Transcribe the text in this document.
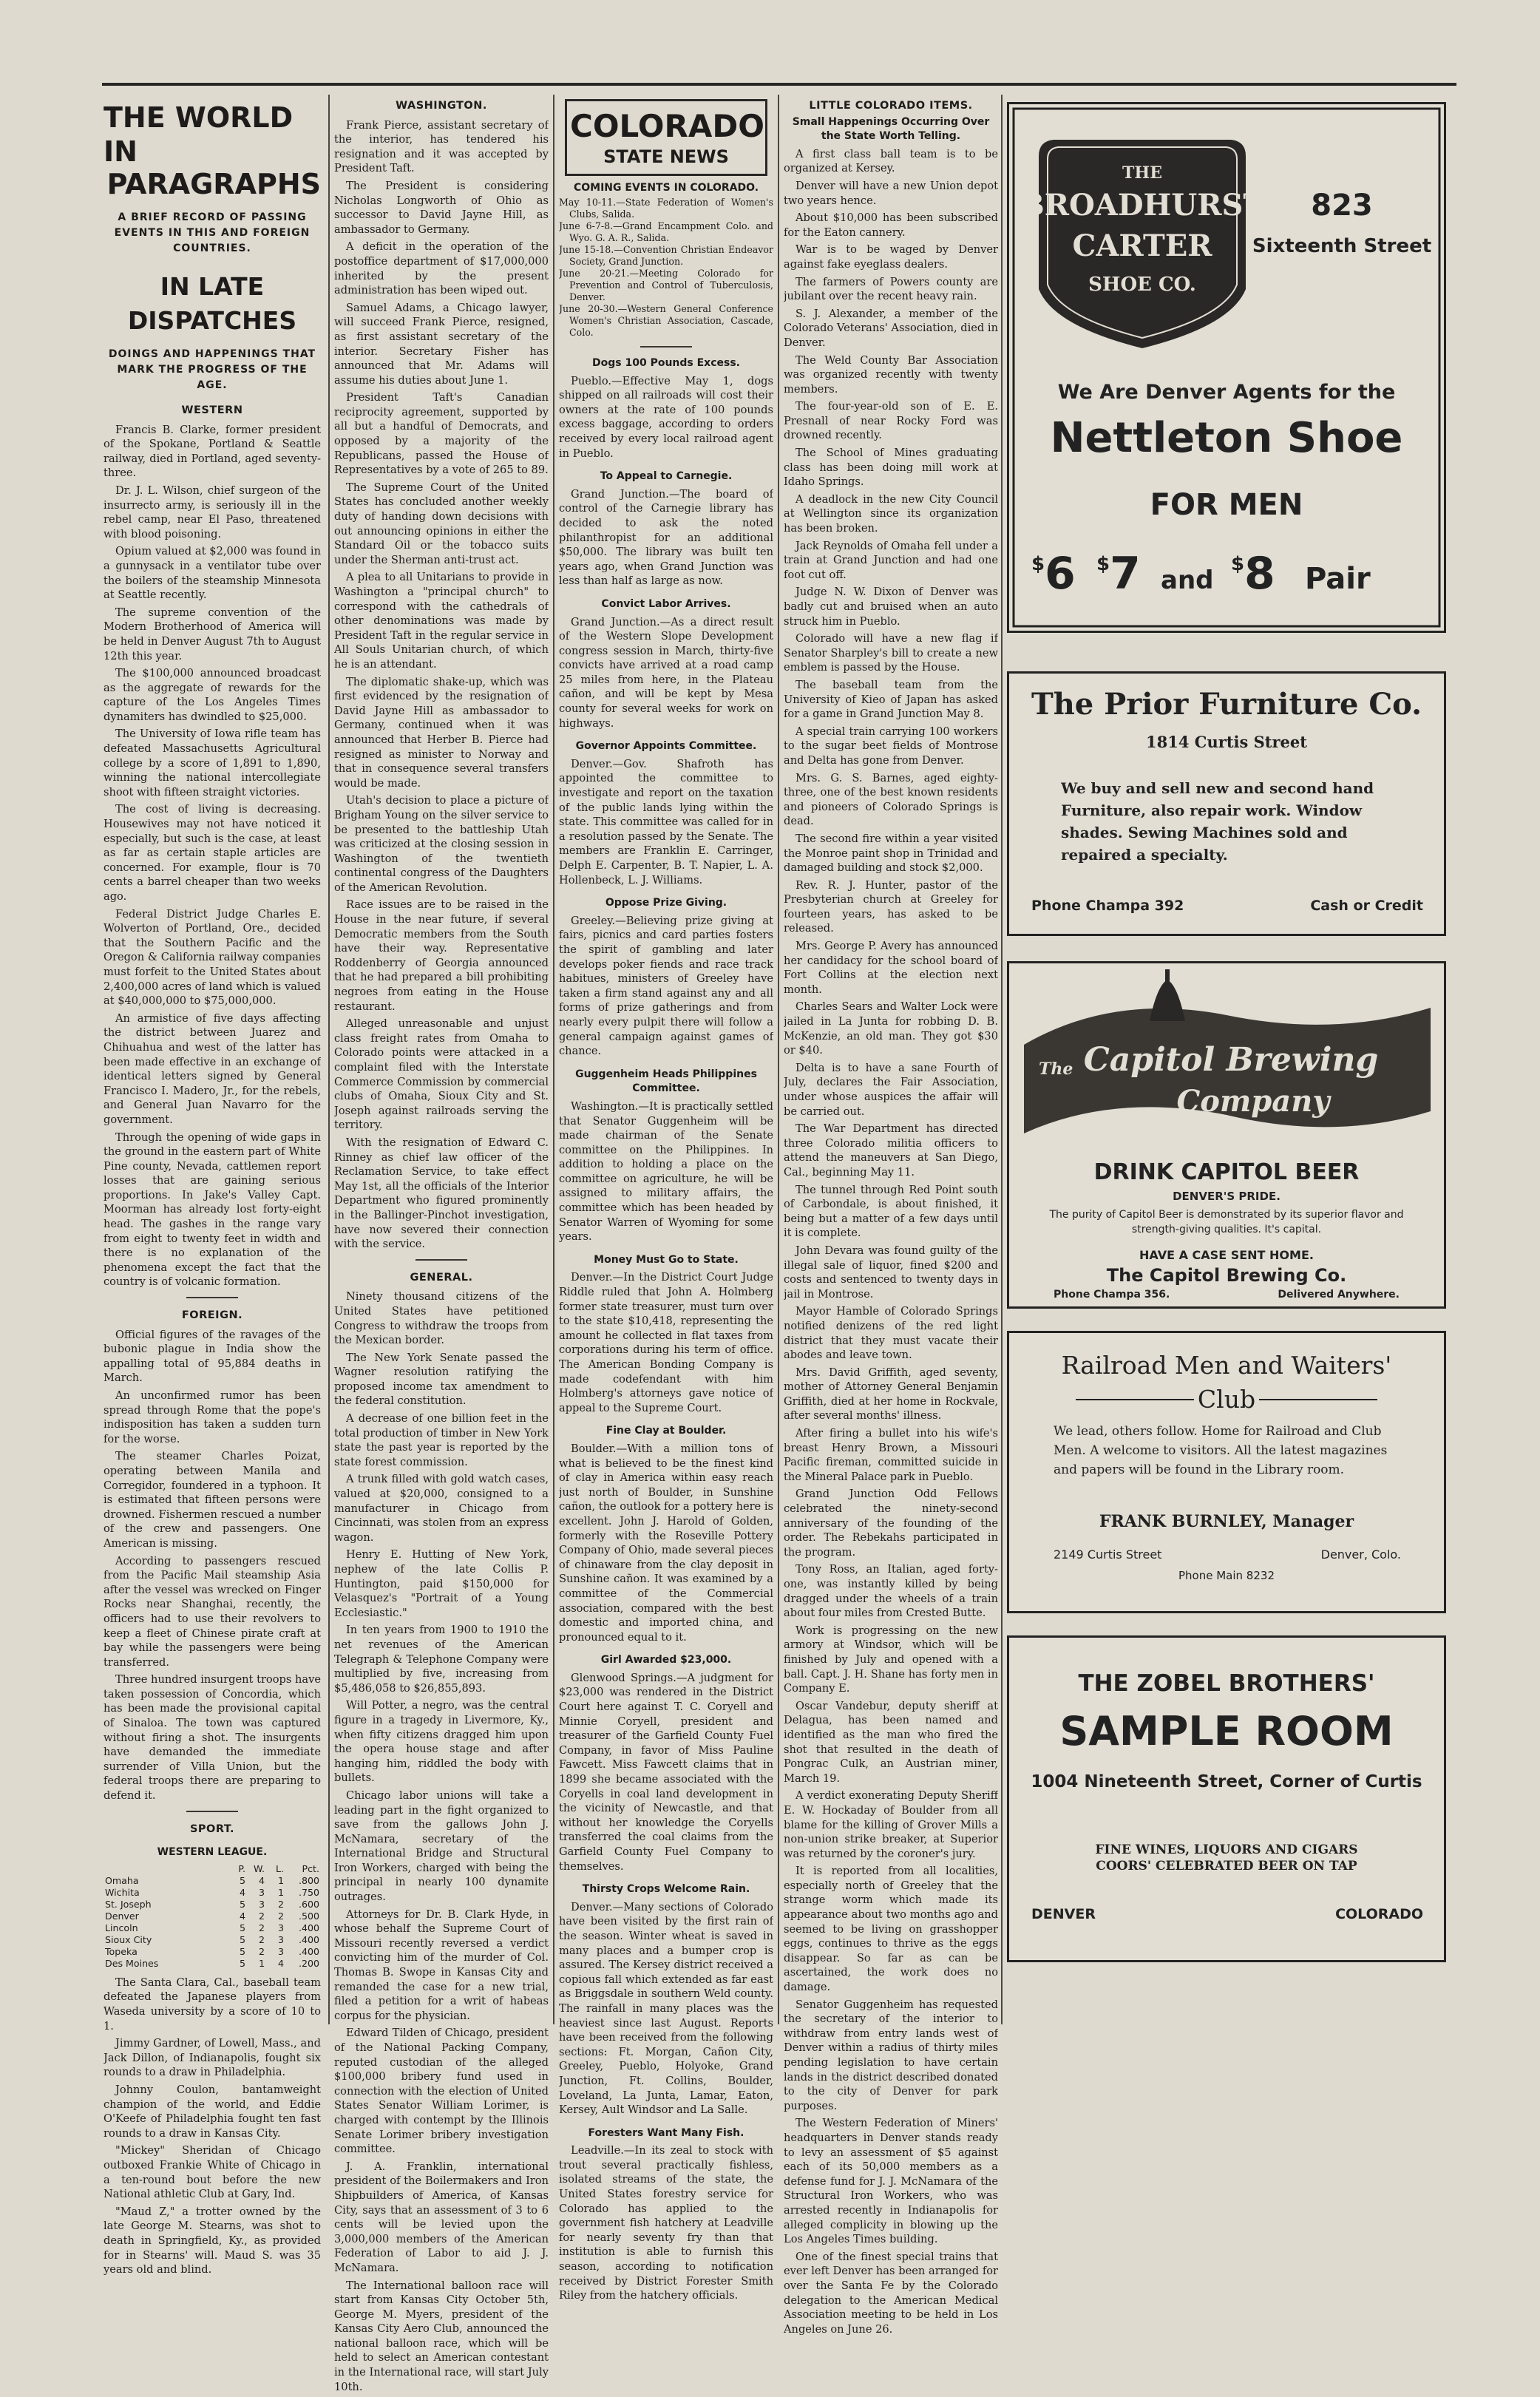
THE WORLD IN
PARAGRAPHS
A BRIEF RECORD OF PASSING EVENTS IN THIS AND FOREIGN COUNTRIES.
IN LATE DISPATCHES
DOINGS AND HAPPENINGS THAT MARK THE PROGRESS OF THE AGE.
WESTERN

Francis B. Clarke, former president of the Spokane, Portland & Seattle railway, died in Portland, aged seventy-three.

Dr. J. L. Wilson, chief surgeon of the insurrecto army, is seriously ill in the rebel camp, near El Paso, threatened with blood poisoning.

Opium valued at $2,000 was found in a gunnysack in a ventilator tube over the boilers of the steamship Minnesota at Seattle recently.

The supreme convention of the Modern Brotherhood of America will be held in Denver August 7th to August 12th this year.

The $100,000 announced broadcast as the aggregate of rewards for the capture of the Los Angeles Times dynamiters has dwindled to $25,000.

The University of Iowa rifle team has defeated Massachusetts Agricultural college by a score of 1,891 to 1,890, winning the national intercollegiate shoot with fifteen straight victories.

The cost of living is decreasing. Housewives may not have noticed it especially, but such is the case, at least as far as certain staple articles are concerned. For example, flour is 70 cents a barrel cheaper than two weeks ago.

Federal District Judge Charles E. Wolverton of Portland, Ore., decided that the Southern Pacific and the Oregon & California railway companies must forfeit to the United States about 2,400,000 acres of land which is valued at $40,000,000 to $75,000,000.

An armistice of five days affecting the district between Juarez and Chihuahua and west of the latter has been made effective in an exchange of identical letters signed by General Francisco I. Madero, Jr., for the rebels, and General Juan Navarro for the government.

Through the opening of wide gaps in the ground in the eastern part of White Pine county, Nevada, cattlemen report losses that are gaining serious proportions. In Jake's Valley Capt. Moorman has already lost forty-eight head. The gashes in the range vary from eight to twenty feet in width and there is no explanation of the phenomena except the fact that the country is of volcanic formation.

FOREIGN.

Official figures of the ravages of the bubonic plague in India show the appalling total of 95,884 deaths in March.

An unconfirmed rumor has been spread through Rome that the pope's indisposition has taken a sudden turn for the worse.

The steamer Charles Poizat, operating between Manila and Corregidor, foundered in a typhoon. It is estimated that fifteen persons were drowned. Fishermen rescued a number of the crew and passengers. One American is missing.

According to passengers rescued from the Pacific Mail steamship Asia after the vessel was wrecked on Finger Rocks near Shanghai, recently, the officers had to use their revolvers to keep a fleet of Chinese pirate craft at bay while the passengers were being transferred.

Three hundred insurgent troops have taken possession of Concordia, which has been made the provisional capital of Sinaloa. The town was captured without firing a shot. The insurgents have demanded the immediate surrender of Villa Union, but the federal troops there are preparing to defend it.

SPORT.
WESTERN LEAGUE.
	P.	W.	L.	Pct.
Omaha	5	4	1	.800
Wichita	4	3	1	.750
St. Joseph	5	3	2	.600
Denver	4	2	2	.500
Lincoln	5	2	3	.400
Sioux City	5	2	3	.400
Topeka	5	2	3	.400
Des Moines	5	1	4	.200

The Santa Clara, Cal., baseball team defeated the Japanese players from Waseda university by a score of 10 to 1.

Jimmy Gardner, of Lowell, Mass., and Jack Dillon, of Indianapolis, fought six rounds to a draw in Philadelphia.

Johnny Coulon, bantamweight champion of the world, and Eddie O'Keefe of Philadelphia fought ten fast rounds to a draw in Kansas City.

"Mickey" Sheridan of Chicago outboxed Frankie White of Chicago in a ten-round bout before the new National athletic Club at Gary, Ind.

"Maud Z," a trotter owned by the late George M. Stearns, was shot to death in Springfield, Ky., as provided for in Stearns' will. Maud S. was 35 years old and blind.

WASHINGTON.

Frank Pierce, assistant secretary of the interior, has tendered his resignation and it was accepted by President Taft.

The President is considering Nicholas Longworth of Ohio as successor to David Jayne Hill, as ambassador to Germany.

A deficit in the operation of the postoffice department of $17,000,000 inherited by the present administration has been wiped out.

Samuel Adams, a Chicago lawyer, will succeed Frank Pierce, resigned, as first assistant secretary of the interior. Secretary Fisher has announced that Mr. Adams will assume his duties about June 1.

President Taft's Canadian reciprocity agreement, supported by all but a handful of Democrats, and opposed by a majority of the Republicans, passed the House of Representatives by a vote of 265 to 89.

The Supreme Court of the United States has concluded another weekly duty of handing down decisions with out announcing opinions in either the Standard Oil or the tobacco suits under the Sherman anti-trust act.

A plea to all Unitarians to provide in Washington a "principal church" to correspond with the cathedrals of other denominations was made by President Taft in the regular service in All Souls Unitarian church, of which he is an attendant.

The diplomatic shake-up, which was first evidenced by the resignation of David Jayne Hill as ambassador to Germany, continued when it was announced that Herber B. Pierce had resigned as minister to Norway and that in consequence several transfers would be made.

Utah's decision to place a picture of Brigham Young on the silver service to be presented to the battleship Utah was criticized at the closing session in Washington of the twentieth continental congress of the Daughters of the American Revolution.

Race issues are to be raised in the House in the near future, if several Democratic members from the South have their way. Representative Roddenberry of Georgia announced that he had prepared a bill prohibiting negroes from eating in the House restaurant.

Alleged unreasonable and unjust class freight rates from Omaha to Colorado points were attacked in a complaint filed with the Interstate Commerce Commission by commercial clubs of Omaha, Sioux City and St. Joseph against railroads serving the territory.

With the resignation of Edward C. Rinney as chief law officer of the Reclamation Service, to take effect May 1st, all the officials of the Interior Department who figured prominently in the Ballinger-Pinchot investigation, have now severed their connection with the service.

GENERAL.

Ninety thousand citizens of the United States have petitioned Congress to withdraw the troops from the Mexican border.

The New York Senate passed the Wagner resolution ratifying the proposed income tax amendment to the federal constitution.

A decrease of one billion feet in the total production of timber in New York state the past year is reported by the state forest commission.

A trunk filled with gold watch cases, valued at $20,000, consigned to a manufacturer in Chicago from Cincinnati, was stolen from an express wagon.

Henry E. Hutting of New York, nephew of the late Collis P. Huntington, paid $150,000 for Velasquez's "Portrait of a Young Ecclesiastic."

In ten years from 1900 to 1910 the net revenues of the American Telegraph & Telephone Company were multiplied by five, increasing from $5,486,058 to $26,855,893.

Will Potter, a negro, was the central figure in a tragedy in Livermore, Ky., when fifty citizens dragged him upon the opera house stage and after hanging him, riddled the body with bullets.

Chicago labor unions will take a leading part in the fight organized to save from the gallows John J. McNamara, secretary of the International Bridge and Structural Iron Workers, charged with being the principal in nearly 100 dynamite outrages.

Attorneys for Dr. B. Clark Hyde, in whose behalf the Supreme Court of Missouri recently reversed a verdict convicting him of the murder of Col. Thomas B. Swope in Kansas City and remanded the case for a new trial, filed a petition for a writ of habeas corpus for the physician.

Edward Tilden of Chicago, president of the National Packing Company, reputed custodian of the alleged $100,000 bribery fund used in connection with the election of United States Senator William Lorimer, is charged with contempt by the Illinois Senate Lorimer bribery investigation committee.

J. A. Franklin, international president of the Boilermakers and Iron Shipbuilders of America, of Kansas City, says that an assessment of 3 to 6 cents will be levied upon the 3,000,000 members of the American Federation of Labor to aid J. J. McNamara.

The International balloon race will start from Kansas City October 5th, George M. Myers, president of the Kansas City Aero Club, announced the national balloon race, which will be held to select an American contestant in the International race, will start July 10th.

COLORADO
STATE NEWS
COMING EVENTS IN COLORADO.

May 10-11.—State Federation of Women's Clubs, Salida.

June 6-7-8.—Grand Encampment Colo. and Wyo. G. A. R., Salida.

June 15-18.—Convention Christian Endeavor Society, Grand Junction.

June 20-21.—Meeting Colorado for Prevention and Control of Tuberculosis, Denver.

June 20-30.—Western General Conference Women's Christian Association, Cascade, Colo.

Dogs 100 Pounds Excess.

Pueblo.—Effective May 1, dogs shipped on all railroads will cost their owners at the rate of 100 pounds excess baggage, according to orders received by every local railroad agent in Pueblo.

To Appeal to Carnegie.

Grand Junction.—The board of control of the Carnegie library has decided to ask the noted philanthropist for an additional $50,000. The library was built ten years ago, when Grand Junction was less than half as large as now.

Convict Labor Arrives.

Grand Junction.—As a direct result of the Western Slope Development congress session in March, thirty-five convicts have arrived at a road camp 25 miles from here, in the Plateau cañon, and will be kept by Mesa county for several weeks for work on highways.

Governor Appoints Committee.

Denver.—Gov. Shafroth has appointed the committee to investigate and report on the taxation of the public lands lying within the state. This committee was called for in a resolution passed by the Senate. The members are Franklin E. Carringer, Delph E. Carpenter, B. T. Napier, L. A. Hollenbeck, L. J. Williams.

Oppose Prize Giving.

Greeley.—Believing prize giving at fairs, picnics and card parties fosters the spirit of gambling and later develops poker fiends and race track habitues, ministers of Greeley have taken a firm stand against any and all forms of prize gatherings and from nearly every pulpit there will follow a general campaign against games of chance.

Guggenheim Heads Philippines Committee.

Washington.—It is practically settled that Senator Guggenheim will be made chairman of the Senate committee on the Philippines. In addition to holding a place on the committee on agriculture, he will be assigned to military affairs, the committee which has been headed by Senator Warren of Wyoming for some years.

Money Must Go to State.

Denver.—In the District Court Judge Riddle ruled that John A. Holmberg former state treasurer, must turn over to the state $10,418, representing the amount he collected in flat taxes from corporations during his term of office. The American Bonding Company is made codefendant with him Holmberg's attorneys gave notice of appeal to the Supreme Court.

Fine Clay at Boulder.

Boulder.—With a million tons of what is believed to be the finest kind of clay in America within easy reach just north of Boulder, in Sunshine cañon, the outlook for a pottery here is excellent. John J. Harold of Golden, formerly with the Roseville Pottery Company of Ohio, made several pieces of chinaware from the clay deposit in Sunshine cañon. It was examined by a committee of the Commercial association, compared with the best domestic and imported china, and pronounced equal to it.

Girl Awarded $23,000.

Glenwood Springs.—A judgment for $23,000 was rendered in the District Court here against T. C. Coryell and Minnie Coryell, president and treasurer of the Garfield County Fuel Company, in favor of Miss Pauline Fawcett. Miss Fawcett claims that in 1899 she became associated with the Coryells in coal land development in the vicinity of Newcastle, and that without her knowledge the Coryells transferred the coal claims from the Garfield County Fuel Company to themselves.

Thirsty Crops Welcome Rain.

Denver.—Many sections of Colorado have been visited by the first rain of the season. Winter wheat is saved in many places and a bumper crop is assured. The Kersey district received a copious fall which extended as far east as Briggsdale in southern Weld county. The rainfall in many places was the heaviest since last August. Reports have been received from the following sections: Ft. Morgan, Cañon City, Greeley, Pueblo, Holyoke, Grand Junction, Ft. Collins, Boulder, Loveland, La Junta, Lamar, Eaton, Kersey, Ault Windsor and La Salle.

Foresters Want Many Fish.

Leadville.—In its zeal to stock with trout several practically fishless, isolated streams of the state, the United States forestry service for Colorado has applied to the government fish hatchery at Leadville for nearly seventy fry than that institution is able to furnish this season, according to notification received by District Forester Smith Riley from the hatchery officials.

LITTLE COLORADO ITEMS.
Small Happenings Occurring Over the State Worth Telling.

A first class ball team is to be organized at Kersey.

Denver will have a new Union depot two years hence.

About $10,000 has been subscribed for the Eaton cannery.

War is to be waged by Denver against fake eyeglass dealers.

The farmers of Powers county are jubilant over the recent heavy rain.

S. J. Alexander, a member of the Colorado Veterans' Association, died in Denver.

The Weld County Bar Association was organized recently with twenty members.

The four-year-old son of E. E. Presnall of near Rocky Ford was drowned recently.

The School of Mines graduating class has been doing mill work at Idaho Springs.

A deadlock in the new City Council at Wellington since its organization has been broken.

Jack Reynolds of Omaha fell under a train at Grand Junction and had one foot cut off.

Judge N. W. Dixon of Denver was badly cut and bruised when an auto struck him in Pueblo.

Colorado will have a new flag if Senator Sharpley's bill to create a new emblem is passed by the House.

The baseball team from the University of Kieo of Japan has asked for a game in Grand Junction May 8.

A special train carrying 100 workers to the sugar beet fields of Montrose and Delta has gone from Denver.

Mrs. G. S. Barnes, aged eighty-three, one of the best known residents and pioneers of Colorado Springs is dead.

The second fire within a year visited the Monroe paint shop in Trinidad and damaged building and stock $2,000.

Rev. R. J. Hunter, pastor of the Presbyterian church at Greeley for fourteen years, has asked to be released.

Mrs. George P. Avery has announced her candidacy for the school board of Fort Collins at the election next month.

Charles Sears and Walter Lock were jailed in La Junta for robbing D. B. McKenzie, an old man. They got $30 or $40.

Delta is to have a sane Fourth of July, declares the Fair Association, under whose auspices the affair will be carried out.

The War Department has directed three Colorado militia officers to attend the maneuvers at San Diego, Cal., beginning May 11.

The tunnel through Red Point south of Carbondale, is about finished, it being but a matter of a few days until it is complete.

John Devara was found guilty of the illegal sale of liquor, fined $200 and costs and sentenced to twenty days in jail in Montrose.

Mayor Hamble of Colorado Springs notified denizens of the red light district that they must vacate their abodes and leave town.

Mrs. David Griffith, aged seventy, mother of Attorney General Benjamin Griffith, died at her home in Rockvale, after several months' illness.

After firing a bullet into his wife's breast Henry Brown, a Missouri Pacific fireman, committed suicide in the Mineral Palace park in Pueblo.

Grand Junction Odd Fellows celebrated the ninety-second anniversary of the founding of the order. The Rebekahs participated in the program.

Tony Ross, an Italian, aged forty-one, was instantly killed by being dragged under the wheels of a train about four miles from Crested Butte.

Work is progressing on the new armory at Windsor, which will be finished by July and opened with a ball. Capt. J. H. Shane has forty men in Company E.

Oscar Vandebur, deputy sheriff at Delagua, has been named and identified as the man who fired the shot that resulted in the death of Pongrac Culk, an Austrian miner, March 19.

A verdict exonerating Deputy Sheriff E. W. Hockaday of Boulder from all blame for the killing of Grover Mills a non-union strike breaker, at Superior was returned by the coroner's jury.

It is reported from all localities, especially north of Greeley that the strange worm which made its appearance about two months ago and seemed to be living on grasshopper eggs, continues to thrive as the eggs disappear. So far as can be ascertained, the work does no damage.

Senator Guggenheim has requested the secretary of the interior to withdraw from entry lands west of Denver within a radius of thirty miles pending legislation to have certain lands in the district described donated to the city of Denver for park purposes.

The Western Federation of Miners' headquarters in Denver stands ready to levy an assessment of $5 against each of its 50,000 members as a defense fund for J. J. McNamara of the Structural Iron Workers, who was arrested recently in Indianapolis for alleged complicity in blowing up the Los Angeles Times building.

One of the finest special trains that ever left Denver has been arranged for over the Santa Fe by the Colorado delegation to the American Medical Association meeting to be held in Los Angeles on June 26.

THE
BROADHURST
CARTER
SHOE CO.
823
Sixteenth Street
We Are Denver Agents for the
Nettleton Shoe
FOR MEN
$ 6 $ 7 and
$ 8 Pair
The Prior Furniture Co.
1814 Curtis Street
We buy and sell new and second hand Furniture, also repair work. Window shades. Sewing Machines sold and repaired a specialty.
Phone Champa 392	Cash or Credit
The Capitol Brewing
Company
DRINK CAPITOL BEER
DENVER'S PRIDE.
The purity of Capitol Beer is demonstrated by its superior flavor and strength-giving qualities. It's capital.
HAVE A CASE SENT HOME.
The Capitol Brewing Co.
Phone Champa 356.	Delivered Anywhere.
Railroad Men and Waiters'
Club
We lead, others follow. Home for Railroad and Club Men. A welcome to visitors. All the latest magazines and papers will be found in the Library room.
FRANK BURNLEY, Manager
2149 Curtis Street	Denver, Colo.
Phone Main 8232
THE ZOBEL BROTHERS'
SAMPLE ROOM
1004 Nineteenth Street, Corner of Curtis
FINE WINES, LIQUORS AND CIGARS
COORS' CELEBRATED BEER ON TAP
DENVER	COLORADO
